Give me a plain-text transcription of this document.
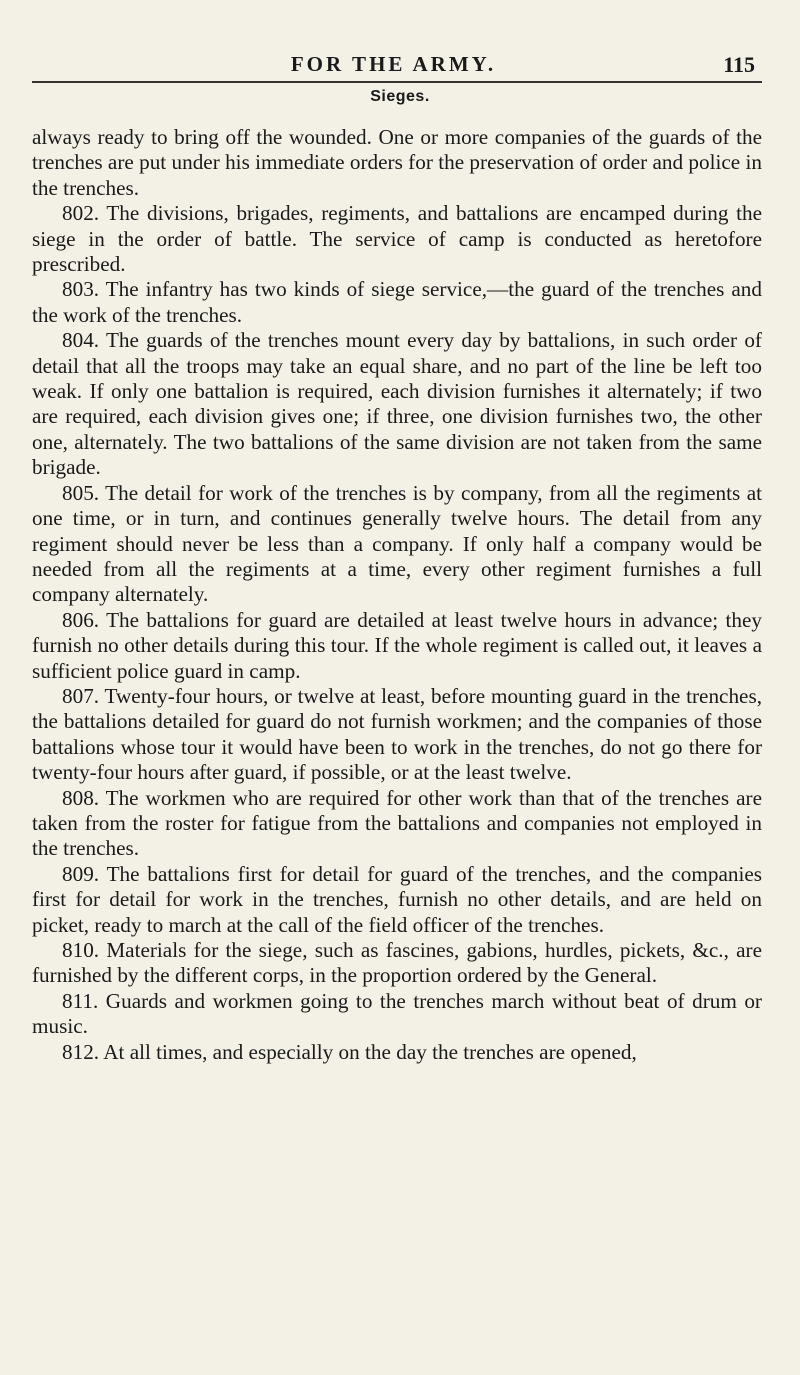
FOR THE ARMY.	115
Sieges.

always ready to bring off the wounded. One or more companies of the guards of the trenches are put under his immediate orders for the preservation of order and police in the trenches.

802. The divisions, brigades, regiments, and battalions are encamped during the siege in the order of battle. The service of camp is conducted as heretofore prescribed.

803. The infantry has two kinds of siege service,—the guard of the trenches and the work of the trenches.

804. The guards of the trenches mount every day by battalions, in such order of detail that all the troops may take an equal share, and no part of the line be left too weak. If only one battalion is required, each division furnishes it alternately; if two are required, each division gives one; if three, one division furnishes two, the other one, alternately. The two battalions of the same division are not taken from the same brigade.

805. The detail for work of the trenches is by company, from all the regiments at one time, or in turn, and continues generally twelve hours. The detail from any regiment should never be less than a company. If only half a company would be needed from all the regiments at a time, every other regiment furnishes a full company alternately.

806. The battalions for guard are detailed at least twelve hours in advance; they furnish no other details during this tour. If the whole regiment is called out, it leaves a sufficient police guard in camp.

807. Twenty-four hours, or twelve at least, before mounting guard in the trenches, the battalions detailed for guard do not furnish workmen; and the companies of those battalions whose tour it would have been to work in the trenches, do not go there for twenty-four hours after guard, if possible, or at the least twelve.

808. The workmen who are required for other work than that of the trenches are taken from the roster for fatigue from the battalions and companies not employed in the trenches.

809. The battalions first for detail for guard of the trenches, and the companies first for detail for work in the trenches, furnish no other details, and are held on picket, ready to march at the call of the field officer of the trenches.

810. Materials for the siege, such as fascines, gabions, hurdles, pickets, &c., are furnished by the different corps, in the proportion ordered by the General.

811. Guards and workmen going to the trenches march without beat of drum or music.

812. At all times, and especially on the day the trenches are opened,
